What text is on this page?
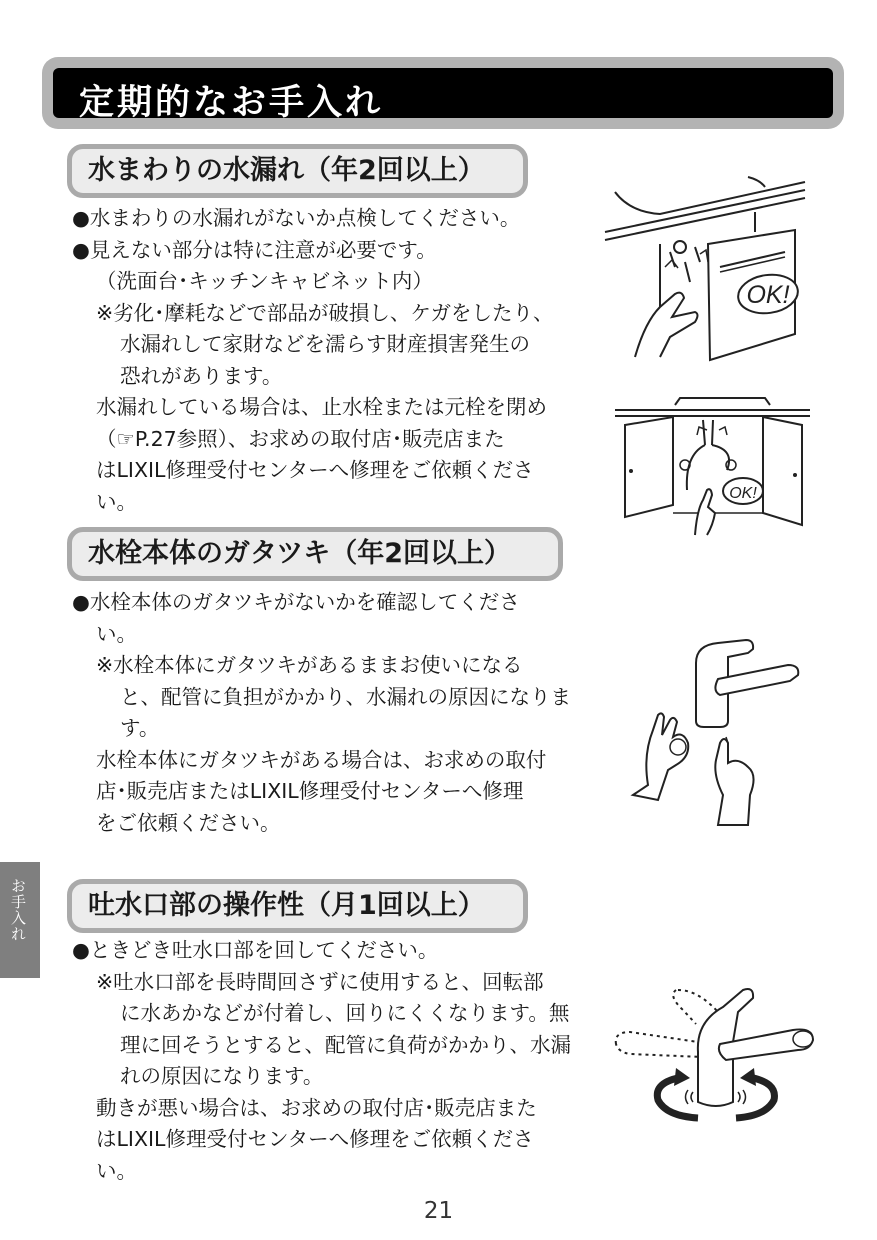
定期的なお手入れ
水まわりの水漏れ（年2回以上）
●水まわりの水漏れがないか点検してください。
●見えない部分は特に注意が必要です。
（洗面台･キッチンキャビネット内）
※劣化･摩耗などで部品が破損し、ケガをしたり、
水漏れして家財などを濡らす財産損害発生の
恐れがあります。
水漏れしている場合は、止水栓または元栓を閉め
（☞P.27参照）、お求めの取付店･販売店また
はLIXIL修理受付センターへ修理をご依頼くださ
い。
OK!
OK!
水栓本体のガタツキ（年2回以上）
●水栓本体のガタツキがないかを確認してくださ
い。
※水栓本体にガタツキがあるままお使いになる
と、配管に負担がかかり、水漏れの原因になりま
す。
水栓本体にガタツキがある場合は、お求めの取付
店･販売店またはLIXIL修理受付センターへ修理
をご依頼ください。
お手入れ	吐水口部の操作性（月1回以上）
●ときどき吐水口部を回してください。
※吐水口部を長時間回さずに使用すると、回転部
に水あかなどが付着し、回りにくくなります。無
理に回そうとすると、配管に負荷がかかり、水漏
れの原因になります。
動きが悪い場合は、お求めの取付店･販売店また
はLIXIL修理受付センターへ修理をご依頼くださ
い。
21
